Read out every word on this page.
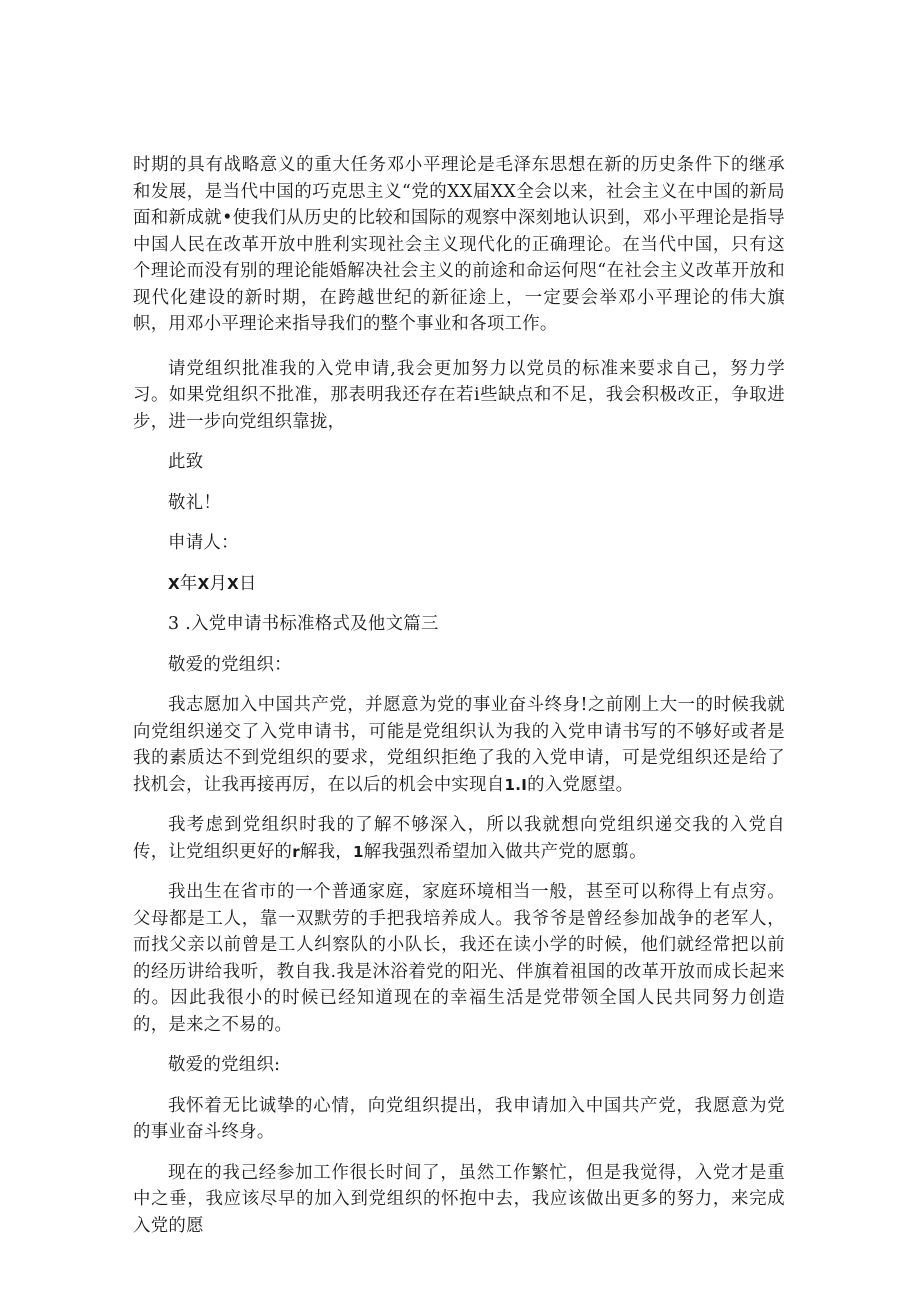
时期的具有战略意义的重大任务邓小平理论是毛泽东思想在新的历史条件下的继承和发展，是当代中国的巧克思主义“党的XX届XX全会以来，社会主义在中国的新局面和新成就•使我们从历史的比较和国际的观察中深刻地认识到，邓小平理论是指导中国人民在改革开放中胜利实现社会主义现代化的正确理论。在当代中国，只有这个理论而没有别的理论能婚解决社会主义的前途和命运何咫“在社会主义改革开放和现代化建设的新时期，在跨越世纪的新征途上，一定要会举邓小平理论的伟大旗帜，用邓小平理论来指导我们的整个事业和各项工作。

请党组织批准我的入党申请,我会更加努力以党员的标准来要求自己，努力学习。如果党组织不批准，那表明我还存在若i些缺点和不足，我会积极改正，争取进步，进一步向党组织靠拢，

此致

敬礼！

申请人：

X年X月X日

3 .入党申请书标准格式及他文篇三

敬爱的党组织：

我志愿加入中国共产党，并愿意为党的事业奋斗终身!之前刚上大一的时候我就向党组织递交了入党申请书，可能是党组织认为我的入党申请书写的不够好或者是我的素质达不到党组织的要求，党组织拒绝了我的入党申请，可是党组织还是给了找机会，让我再接再厉，在以后的机会中实现自1.I的入党愿望。

我考虑到党组织时我的了解不够深入，所以我就想向党组织递交我的入党自传，让党组织更好的r解我，1解我强烈希望加入做共产党的愿翦。

我出生在省市的一个普通家庭，家庭环境相当一般，甚至可以称得上有点穷。父母都是工人，靠一双默劳的手把我培养成人。我爷爷是曾经参加战争的老军人，而找父亲以前曾是工人纠察队的小队长，我还在读小学的时候，他们就经常把以前的经历讲给我听，教自我.我是沐浴着党的阳光、伴旗着祖国的改革开放而成长起来的。因此我很小的时候已经知道现在的幸福生活是党带领全国人民共同努力创造的，是来之不易的。

敬爱的党组织:

我怀着无比诚挚的心情，向党组织提出，我申请加入中国共产党，我愿意为党的事业奋斗终身。

现在的我己经参加工作很长时间了，虽然工作繁忙，但是我觉得，入党才是重中之垂，我应该尽早的加入到党组织的怀抱中去，我应该做出更多的努力，来完成入党的愿
